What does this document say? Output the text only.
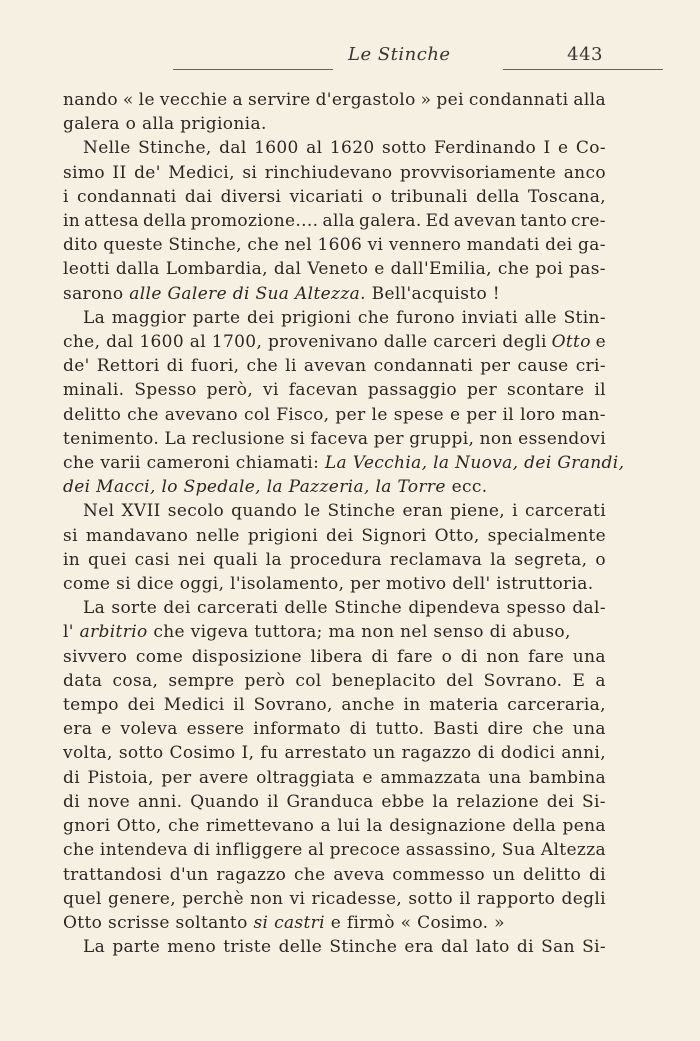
Le Stinche	443
nando « le vecchie a servire d'ergastolo » pei condannati alla
galera o alla prigionia.
Nelle Stinche, dal 1600 al 1620 sotto Ferdinando I e Co-
simo II de' Medici, si rinchiudevano provvisoriamente anco
i condannati dai diversi vicariati o tribunali della Toscana,
in attesa della promozione.... alla galera. Ed avevan tanto cre-
dito queste Stinche, che nel 1606 vi vennero mandati dei ga-
leotti dalla Lombardia, dal Veneto e dall'Emilia, che poi pas-
sarono alle Galere di Sua Altezza. Bell'acquisto !
La maggior parte dei prigioni che furono inviati alle Stin-
che, dal 1600 al 1700, provenivano dalle carceri degli Otto e
de' Rettori di fuori, che li avevan condannati per cause cri-
minali. Spesso però, vi facevan passaggio per scontare il
delitto che avevano col Fisco, per le spese e per il loro man-
tenimento. La reclusione si faceva per gruppi, non essendovi
che varii cameroni chiamati: La Vecchia, la Nuova, dei Grandi,
dei Macci, lo Spedale, la Pazzeria, la Torre ecc.
Nel XVII secolo quando le Stinche eran piene, i carcerati
si mandavano nelle prigioni dei Signori Otto, specialmente
in quei casi nei quali la procedura reclamava la segreta, o
come si dice oggi, l'isolamento, per motivo dell' istruttoria.
La sorte dei carcerati delle Stinche dipendeva spesso dal-
l' arbitrio che vigeva tuttora; ma non nel senso di abuso,
sivvero come disposizione libera di fare o di non fare una
data cosa, sempre però col beneplacito del Sovrano. E a
tempo dei Medici il Sovrano, anche in materia carceraria,
era e voleva essere informato di tutto. Basti dire che una
volta, sotto Cosimo I, fu arrestato un ragazzo di dodici anni,
di Pistoia, per avere oltraggiata e ammazzata una bambina
di nove anni. Quando il Granduca ebbe la relazione dei Si-
gnori Otto, che rimettevano a lui la designazione della pena
che intendeva di infliggere al precoce assassino, Sua Altezza
trattandosi d'un ragazzo che aveva commesso un delitto di
quel genere, perchè non vi ricadesse, sotto il rapporto degli
Otto scrisse soltanto si castri e firmò « Cosimo. »
La parte meno triste delle Stinche era dal lato di San Si-
